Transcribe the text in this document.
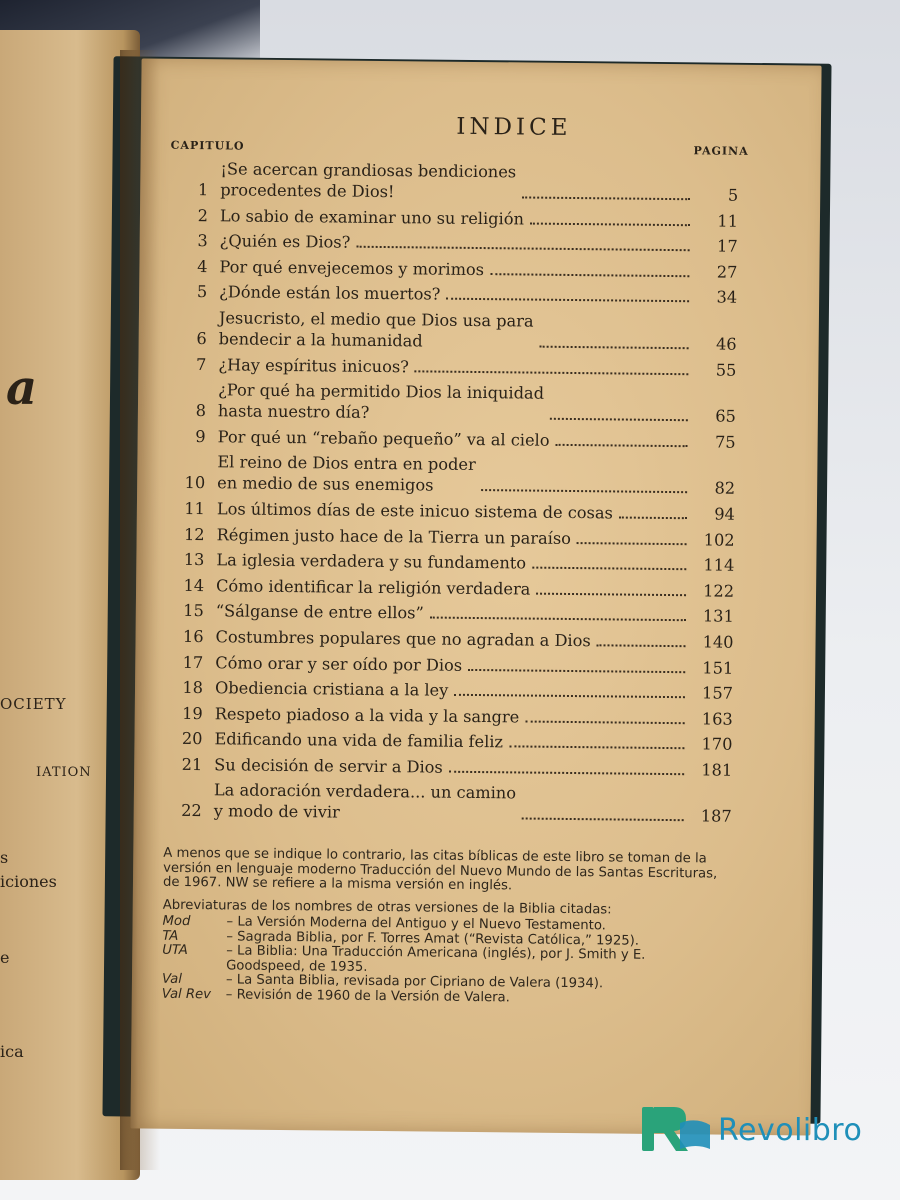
a
OCIETY
IATION
s
iciones
e
ica
INDICE
CAPITULO	PAGINA
1
¡Se acercan grandiosas bendiciones
procedentes de Dios!	5
2 Lo sabio de examinar uno su religión	11
3 ¿Quién es Dios?	17
4 Por qué envejecemos y morimos	27
5 ¿Dónde están los muertos?	34
6
Jesucristo, el medio que Dios usa para
bendecir a la humanidad	46
7 ¿Hay espíritus inicuos?	55
8
¿Por qué ha permitido Dios la iniquidad
hasta nuestro día?	65
9 Por qué un “rebaño pequeño” va al cielo	75
10
El reino de Dios entra en poder
en medio de sus enemigos	82
11 Los últimos días de este inicuo sistema de cosas	94
12 Régimen justo hace de la Tierra un paraíso	102
13 La iglesia verdadera y su fundamento	114
14 Cómo identificar la religión verdadera	122
15 “Sálganse de entre ellos”	131
16 Costumbres populares que no agradan a Dios	140
17 Cómo orar y ser oído por Dios	151
18 Obediencia cristiana a la ley	157
19 Respeto piadoso a la vida y la sangre	163
20 Edificando una vida de familia feliz	170
21 Su decisión de servir a Dios	181
22
La adoración verdadera... un camino
y modo de vivir	187

A menos que se indique lo contrario, las citas bíblicas de este libro se toman de la versión en lenguaje moderno Traducción del Nuevo Mundo de las Santas Escrituras, de 1967. NW se refiere a la misma versión en inglés.

Abreviaturas de los nombres de otras versiones de la Biblia citadas:

Mod	– La Versión Moderna del Antiguo y el Nuevo Testamento.
TA	– Sagrada Biblia, por F. Torres Amat (“Revista Católica,” 1925).
UTA	– La Biblia: Una Traducción Americana (inglés), por J. Smith y E. Goodspeed, de 1935.
Val	– La Santa Biblia, revisada por Cipriano de Valera (1934).
Val Rev	– Revisión de 1960 de la Versión de Valera.
Revolibro
